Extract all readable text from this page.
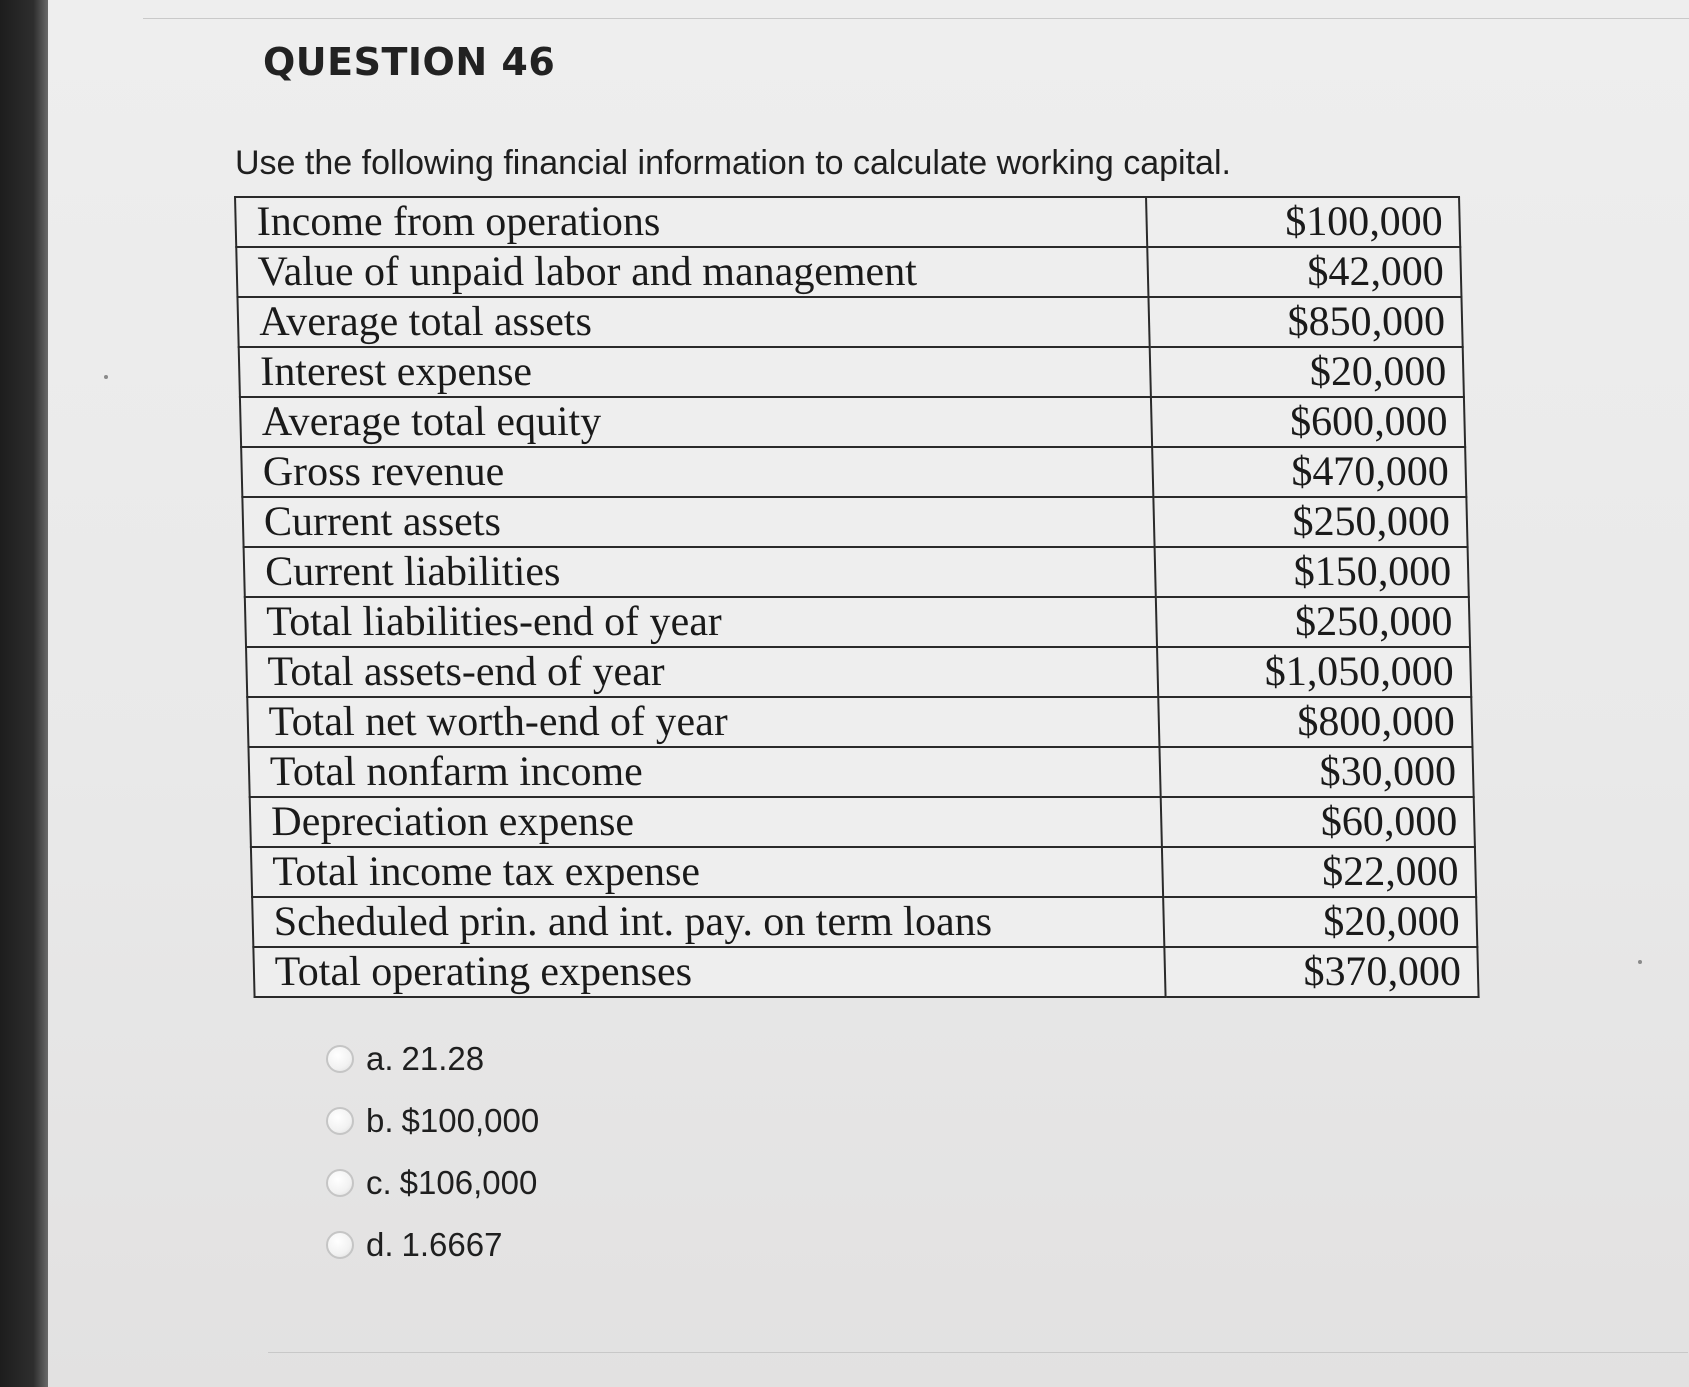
QUESTION 46
Use the following financial information to calculate working capital.
Income from operations	$100,000
Value of unpaid labor and management	$42,000
Average total assets	$850,000
Interest expense	$20,000
Average total equity	$600,000
Gross revenue	$470,000
Current assets	$250,000
Current liabilities	$150,000
Total liabilities-end of year	$250,000
Total assets-end of year	$1,050,000
Total net worth-end of year	$800,000
Total nonfarm income	$30,000
Depreciation expense	$60,000
Total income tax expense	$22,000
Scheduled prin. and int. pay. on term loans	$20,000
Total operating expenses	$370,000
a. 21.28
b. $100,000
c. $106,000
d. 1.6667
